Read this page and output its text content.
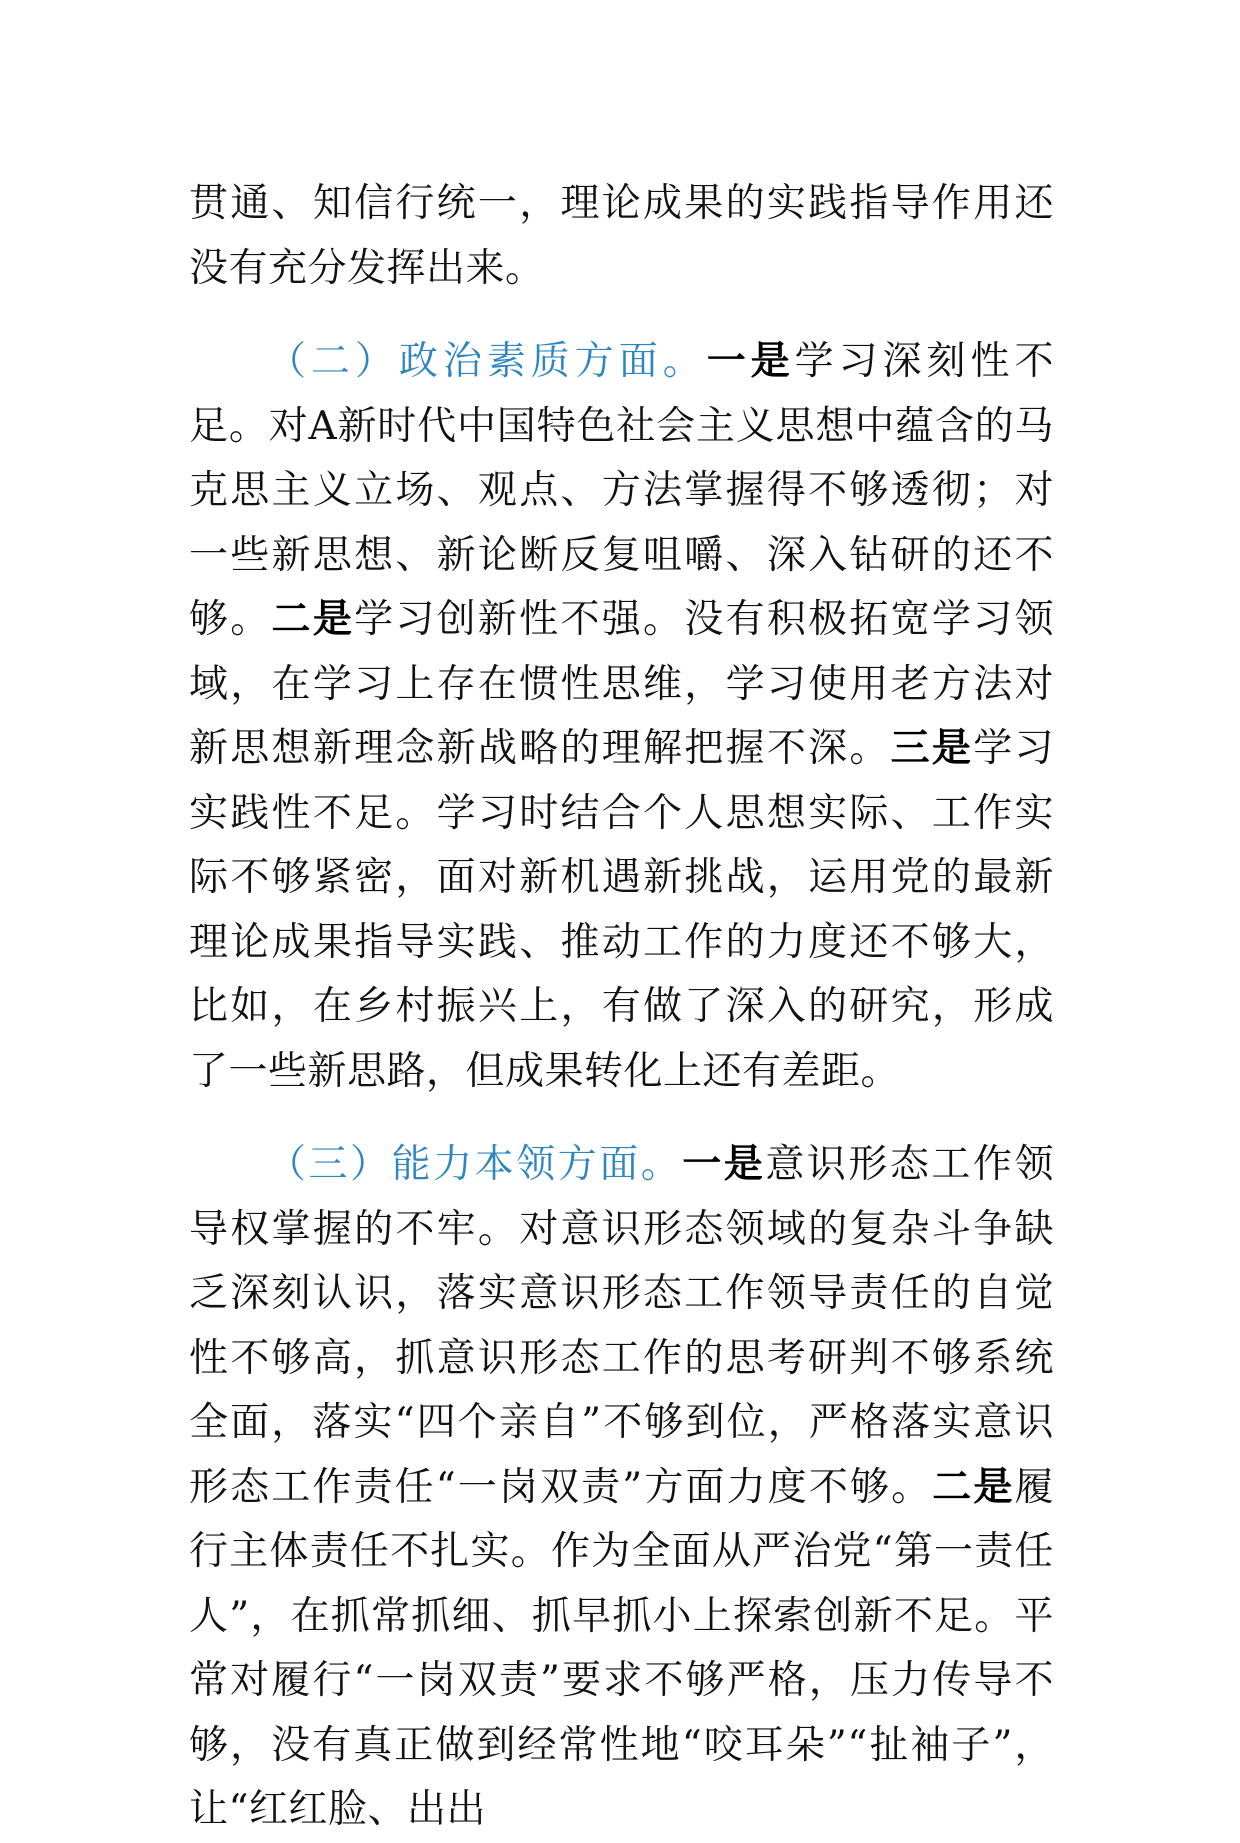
贯通、知信行统一，理论成果的实践指导作用还没有充分发挥出来。

（二）政治素质方面。一是学习深刻性不足。对A新时代中国特色社会主义思想中蕴含的马克思主义立场、观点、方法掌握得不够透彻；对一些新思想、新论断反复咀嚼、深入钻研的还不够。二是学习创新性不强。没有积极拓宽学习领域，在学习上存在惯性思维，学习使用老方法对新思想新理念新战略的理解把握不深。三是学习实践性不足。学习时结合个人思想实际、工作实际不够紧密，面对新机遇新挑战，运用党的最新理论成果指导实践、推动工作的力度还不够大，比如，在乡村振兴上，有做了深入的研究，形成了一些新思路，但成果转化上还有差距。

（三）能力本领方面。一是意识形态工作领导权掌握的不牢。对意识形态领域的复杂斗争缺乏深刻认识，落实意识形态工作领导责任的自觉性不够高，抓意识形态工作的思考研判不够系统全面，落实“四个亲自”不够到位，严格落实意识形态工作责任“一岗双责”方面力度不够。二是履行主体责任不扎实。作为全面从严治党“第一责任人”，在抓常抓细、抓早抓小上探索创新不足。平常对履行“一岗双责”要求不够严格，压力传导不够，没有真正做到经常性地“咬耳朵”“扯袖子”，让“红红脸、出出
